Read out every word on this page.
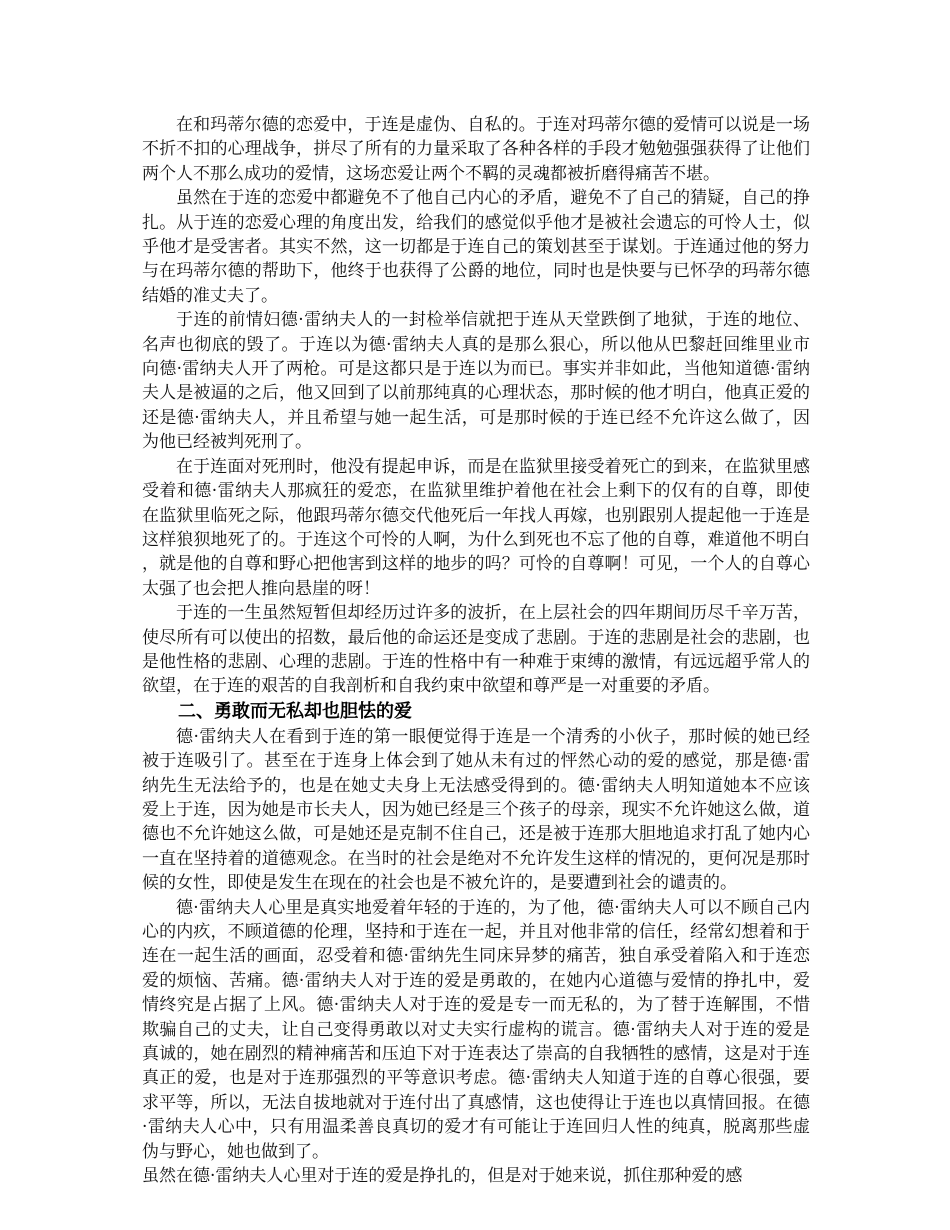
在和玛蒂尔德的恋爱中，于连是虚伪、自私的。于连对玛蒂尔德的爱情可以说是一场不折不扣的心理战争，拼尽了所有的力量采取了各种各样的手段才勉勉强强获得了让他们两个人不那么成功的爱情，这场恋爱让两个不羁的灵魂都被折磨得痛苦不堪。

虽然在于连的恋爱中都避免不了他自己内心的矛盾，避免不了自己的猜疑，自己的挣扎。从于连的恋爱心理的角度出发，给我们的感觉似乎他才是被社会遗忘的可怜人士，似乎他才是受害者。其实不然，这一切都是于连自己的策划甚至于谋划。于连通过他的努力与在玛蒂尔德的帮助下，他终于也获得了公爵的地位，同时也是快要与已怀孕的玛蒂尔德结婚的准丈夫了。

于连的前情妇德·雷纳夫人的一封检举信就把于连从天堂跌倒了地狱，于连的地位、名声也彻底的毁了。于连以为德·雷纳夫人真的是那么狠心，所以他从巴黎赶回维里业市向德·雷纳夫人开了两枪。可是这都只是于连以为而已。事实并非如此，当他知道德·雷纳夫人是被逼的之后，他又回到了以前那纯真的心理状态，那时候的他才明白，他真正爱的还是德·雷纳夫人，并且希望与她一起生活，可是那时候的于连已经不允许这么做了，因为他已经被判死刑了。

在于连面对死刑时，他没有提起申诉，而是在监狱里接受着死亡的到来，在监狱里感受着和德·雷纳夫人那疯狂的爱恋，在监狱里维护着他在社会上剩下的仅有的自尊，即使在监狱里临死之际，他跟玛蒂尔德交代他死后一年找人再嫁，也别跟别人提起他一于连是这样狼狈地死了的。于连这个可怜的人啊，为什么到死也不忘了他的自尊，难道他不明白，就是他的自尊和野心把他害到这样的地步的吗？可怜的自尊啊！可见，一个人的自尊心太强了也会把人推向悬崖的呀！

于连的一生虽然短暂但却经历过许多的波折，在上层社会的四年期间历尽千辛万苦，使尽所有可以使出的招数，最后他的命运还是变成了悲剧。于连的悲剧是社会的悲剧，也是他性格的悲剧、心理的悲剧。于连的性格中有一种难于束缚的激情，有远远超乎常人的欲望，在于连的艰苦的自我剖析和自我约束中欲望和尊严是一对重要的矛盾。

二、勇敢而无私却也胆怯的爱

德·雷纳夫人在看到于连的第一眼便觉得于连是一个清秀的小伙子，那时候的她已经被于连吸引了。甚至在于连身上体会到了她从未有过的怦然心动的爱的感觉，那是德·雷纳先生无法给予的，也是在她丈夫身上无法感受得到的。德·雷纳夫人明知道她本不应该爱上于连，因为她是市长夫人，因为她已经是三个孩子的母亲，现实不允许她这么做，道德也不允许她这么做，可是她还是克制不住自己，还是被于连那大胆地追求打乱了她内心一直在坚持着的道德观念。在当时的社会是绝对不允许发生这样的情况的，更何况是那时候的女性，即使是发生在现在的社会也是不被允许的，是要遭到社会的谴责的。

德·雷纳夫人心里是真实地爱着年轻的于连的，为了他，德·雷纳夫人可以不顾自己内心的内疚，不顾道德的伦理，坚持和于连在一起，并且对他非常的信任，经常幻想着和于连在一起生活的画面，忍受着和德·雷纳先生同床异梦的痛苦，独自承受着陷入和于连恋爱的烦恼、苦痛。德·雷纳夫人对于连的爱是勇敢的，在她内心道德与爱情的挣扎中，爱情终究是占据了上风。德·雷纳夫人对于连的爱是专一而无私的，为了替于连解围，不惜欺骗自己的丈夫，让自己变得勇敢以对丈夫实行虚构的谎言。德·雷纳夫人对于连的爱是真诚的，她在剧烈的精神痛苦和压迫下对于连表达了崇高的自我牺牲的感情，这是对于连真正的爱，也是对于连那强烈的平等意识考虑。德·雷纳夫人知道于连的自尊心很强，要求平等，所以，无法自拔地就对于连付出了真感情，这也使得让于连也以真情回报。在德·雷纳夫人心中，只有用温柔善良真切的爱才有可能让于连回归人性的纯真，脱离那些虚伪与野心，她也做到了。

虽然在德·雷纳夫人心里对于连的爱是挣扎的，但是对于她来说，抓住那种爱的感
